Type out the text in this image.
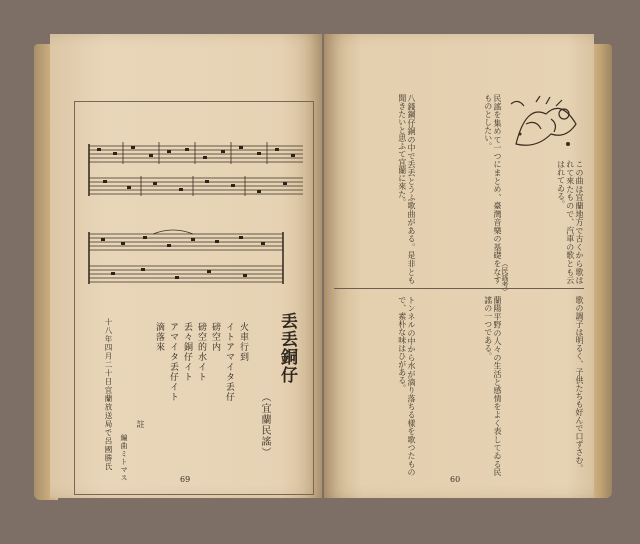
丢丢銅仔
（宜蘭民謠）
火車行到
イトアマイタ丢仔
磅空内
磅空的水イト
丢々銅仔イト
アマイタ丢仔イト
滴落來
註
編曲ミトマス
十八年四月二十日宜蘭放送局で呂國勝氏
69
八錢鋼仔銅の中で丢丢とうふ歌曲がある。是非とも聞きたいと思ふて宜蘭に來た。	民謠を集めて一つにまとめ、臺灣音樂の基礎をなすものとしたい。
この曲は宜蘭地方で古くから歌はれて來たもので、汽車の歌とも云はれてゐる。
トンネルの中から水が滴り落ちる樣を歌つたもので、素朴な味はひがある。	蘭陽平野の人々の生活と感情をよく表してゐる民謠の一つである。	歌の調子は明るく、子供たちも好んで口ずさむ。
（民謠考）
60
